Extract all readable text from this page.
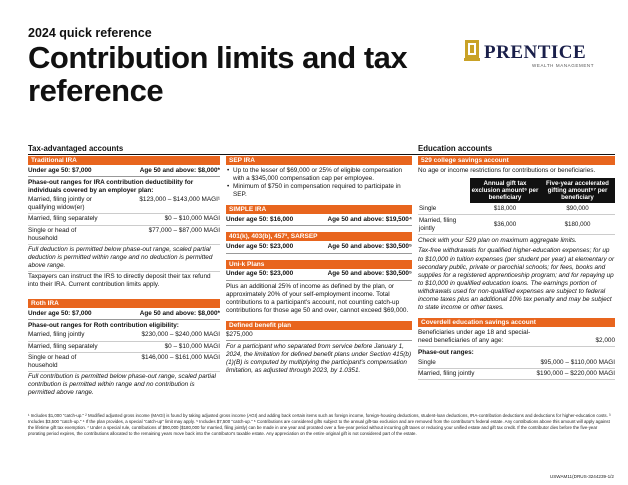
2024 quick reference
Contribution limits and tax reference
PRENTICE
WEALTH MANAGEMENT
Tax-advantaged accounts	Education accounts
Traditional IRA
Under age 50: $7,000	Age 50 and above: $8,000*
Phase-out ranges for IRA contribution deductibility for individuals covered by an employer plan:
Married, filing jointly or qualifying widow(er)
$123,000 – $143,000 MAGI¹
Married, filing separately	$0 – $10,000 MAGI
Single or head of household
$77,000 – $87,000 MAGI
Full deduction is permitted below phase-out range, scaled partial deduction is permitted within range and no deduction is permitted above range.
Taxpayers can instruct the IRS to directly deposit their tax refund into their IRA. Current contribution limits apply.
Roth IRA
Under age 50: $7,000	Age 50 and above: $8,000*
Phase-out ranges for Roth contribution eligibility:
Married, filing jointly	$230,000 – $240,000 MAGI
Married, filing separately	$0 – $10,000 MAGI
Single or head of household
$146,000 – $161,000 MAGI
Full contribution is permitted below phase-out range, scaled partial contribution is permitted within range and no contribution is permitted above range.
SEP IRA
• Up to the lesser of $69,000 or 25% of eligible compensation with a $345,000 compensation cap per employee.
• Minimum of $750 in compensation required to participate in SEP.
SIMPLE IRA
Under age 50: $16,000	Age 50 and above: $19,500⁴
401(k), 403(b), 457³, SARSEP
Under age 50: $23,000	Age 50 and above: $30,500⁵
Uni-k Plans
Under age 50: $23,000	Age 50 and above: $30,500⁵
Plus an additional 25% of income as defined by the plan, or approximately 20% of your self-employment income. Total contributions to a participant's account, not counting catch-up contributions for those age 50 and over, cannot exceed $69,000.
Defined benefit plan
$275,000
For a participant who separated from service before January 1, 2024, the limitation for defined benefit plans under Section 415(b)(1)(B) is computed by multiplying the participant's compensation limitation, as adjusted through 2023, by 1.0351.
529 college savings account
No age or income restrictions for contributions or beneficiaries.
	Annual gift tax exclusion amount⁶ per beneficiary	Five-year accelerated gifting amount⁶⁷ per beneficiary
Single	$18,000	$90,000
Married, filing jointly	$36,000	$180,000
Check with your 529 plan on maximum aggregate limits.
Tax-free withdrawals for qualified higher-education expenses; for up to $10,000 in tuition expenses (per student per year) at elementary or secondary public, private or parochial schools; for fees, books and supplies for a registered apprenticeship program; and for repaying up to $10,000 in qualified education loans. The earnings portion of withdrawals used for non-qualified expenses are subject to federal income taxes plus an additional 10% tax penalty and may be subject to state income or other taxes.
Coverdell education savings account
Beneficiaries under age 18 and special-need beneficiaries of any age:	$2,000
Phase-out ranges:
Single	$95,000 – $110,000 MAGI
Married, filing jointly	$190,000 – $220,000 MAGI
¹ Includes $1,000 "catch-up." ² Modified adjusted gross income (MAGI) is found by taking adjusted gross income (AGI) and adding back certain items such as foreign income, foreign-housing deductions, student-loan deductions, IRA-contribution deductions and deductions for higher-education costs. ³ Includes $3,500 "catch-up." ⁴ If the plan provides, a special "catch-up" limit may apply. ⁵ Includes $7,500 "catch-up." ⁶ Contributions are considered gifts subject to the annual gift-tax exclusion and are removed from the contributor's federal estate. Any contributions above this amount will apply against the lifetime gift tax exemption. ⁷ Under a special rule, contributions of $90,000 ($180,000 for married, filing jointly) can be made in one year and prorated over a five-year period without incurring gift taxes or reducing your unified estate and gift tax credit. If the contributor dies before the five-year prorating period expires, the contributions allocated to the remaining years move back into the contributor's taxable estate. Any appreciation on the entire original gift is not considered part of the estate.
USWAM11(DRUS-3244239-1/2
